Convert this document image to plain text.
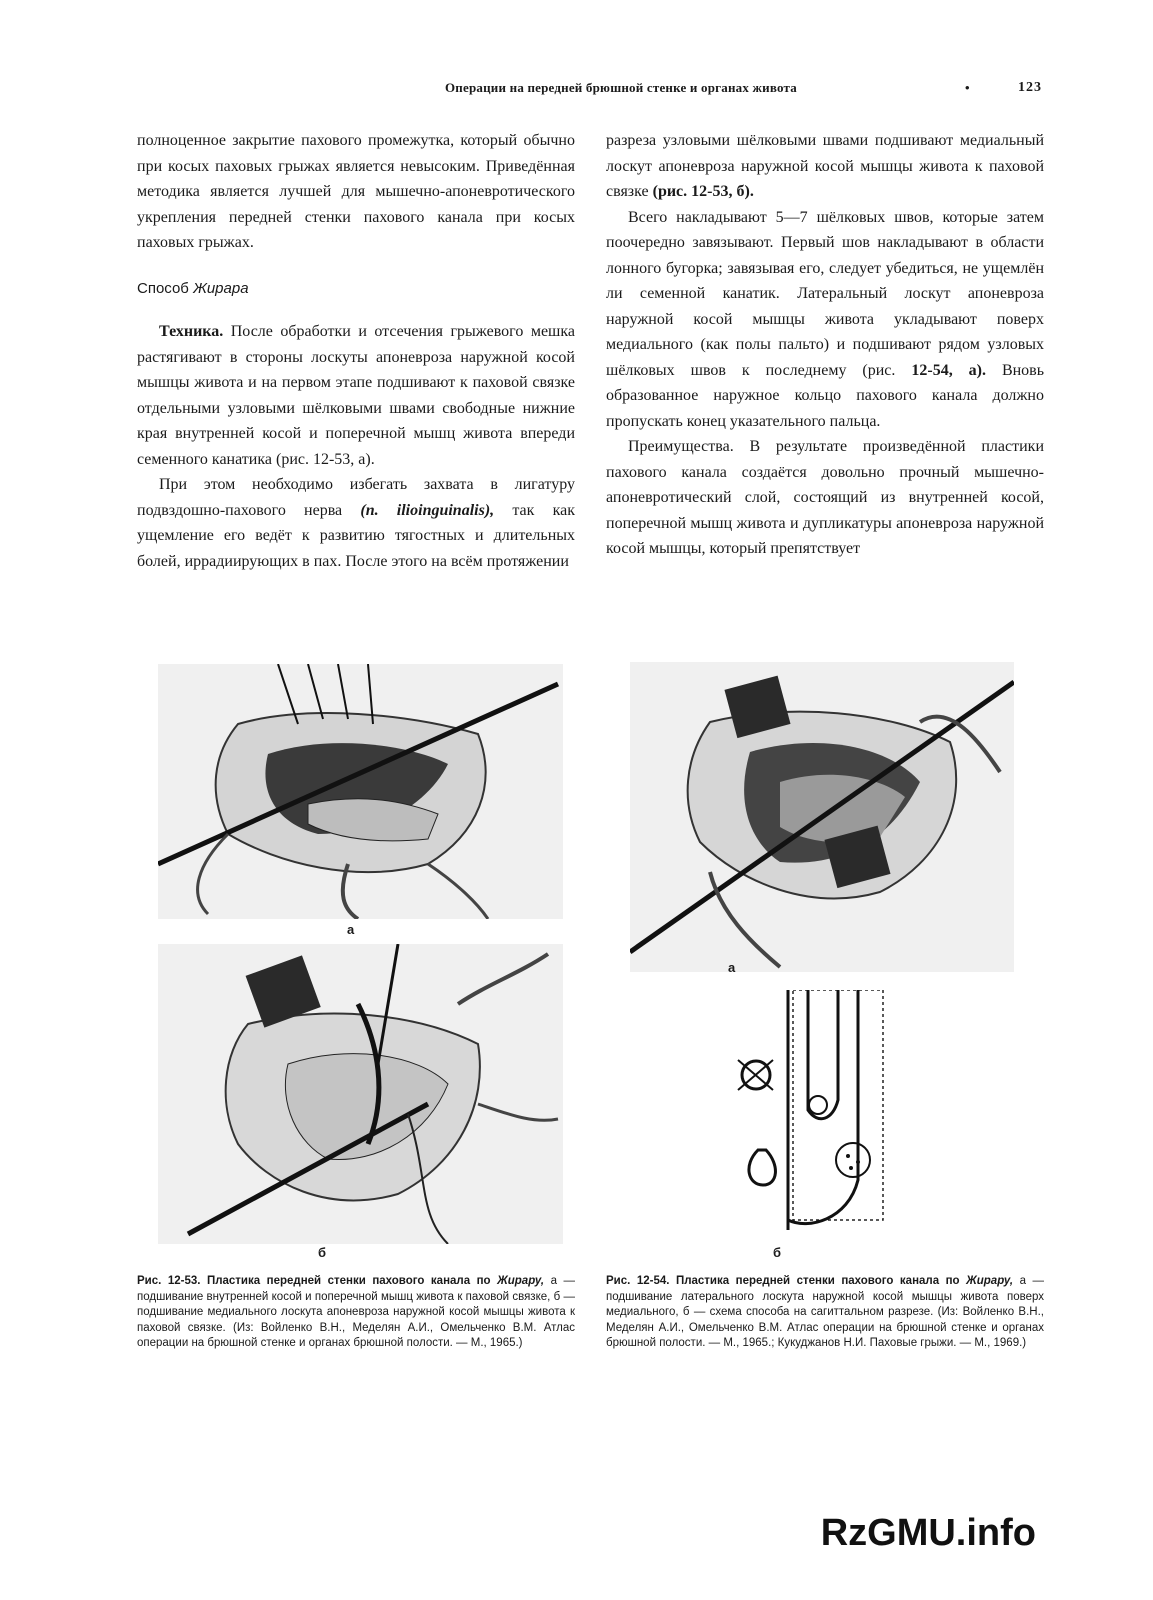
Операции на передней брюшной стенке и органах живота	•	123

полноценное закрытие пахового промежутка, который обычно при косых паховых грыжах является невысоким. Приведённая методика является лучшей для мышечно-апоневротического укрепления передней стенки пахового канала при косых паховых грыжах.

Способ Жирара

Техника. После обработки и отсечения грыжевого мешка растягивают в стороны лоскуты апоневроза наружной косой мышцы живота и на первом этапе подшивают к паховой связке отдельными узловыми шёлковыми швами свободные нижние края внутренней косой и поперечной мышц живота впереди семенного канатика (рис. 12-53, а).

При этом необходимо избегать захвата в лигатуру подвздошно-пахового нерва (n. ilioinguinalis), так как ущемление его ведёт к развитию тягостных и длительных болей, иррадиирующих в пах. После этого на всём протяжении

разреза узловыми шёлковыми швами подшивают медиальный лоскут апоневроза наружной косой мышцы живота к паховой связке (рис. 12-53, б).

Всего накладывают 5—7 шёлковых швов, которые затем поочередно завязывают. Первый шов накладывают в области лонного бугорка; завязывая его, следует убедиться, не ущемлён ли семенной канатик. Латеральный лоскут апоневроза наружной косой мышцы живота укладывают поверх медиального (как полы пальто) и подшивают рядом узловых шёлковых швов к последнему (рис. 12-54, а). Вновь образованное наружное кольцо пахового канала должно пропускать конец указательного пальца.

Преимущества. В результате произведённой пластики пахового канала создаётся довольно прочный мышечно-апоневротический слой, состоящий из внутренней косой, поперечной мышц живота и дупликатуры апоневроза наружной косой мышцы, который препятствует

а
б
а
б
Рис. 12-53. Пластика передней стенки пахового канала по Жирару, а — подшивание внутренней косой и поперечной мышц живота к паховой связке, б — подшивание медиального лоскута апоневроза наружной косой мышцы живота к паховой связке. (Из: Войленко В.Н., Меделян А.И., Омельченко В.М. Атлас операции на брюшной стенке и органах брюшной полости. — М., 1965.)
Рис. 12-54. Пластика передней стенки пахового канала по Жирару, а — подшивание латерального лоскута наружной косой мышцы живота поверх медиального, б — схема способа на сагиттальном разрезе. (Из: Войленко В.Н., Меделян А.И., Омельченко В.М. Атлас операции на брюшной стенке и органах брюшной полости. — М., 1965.; Кукуджанов Н.И. Паховые грыжи. — М., 1969.)
RzGMU.info
